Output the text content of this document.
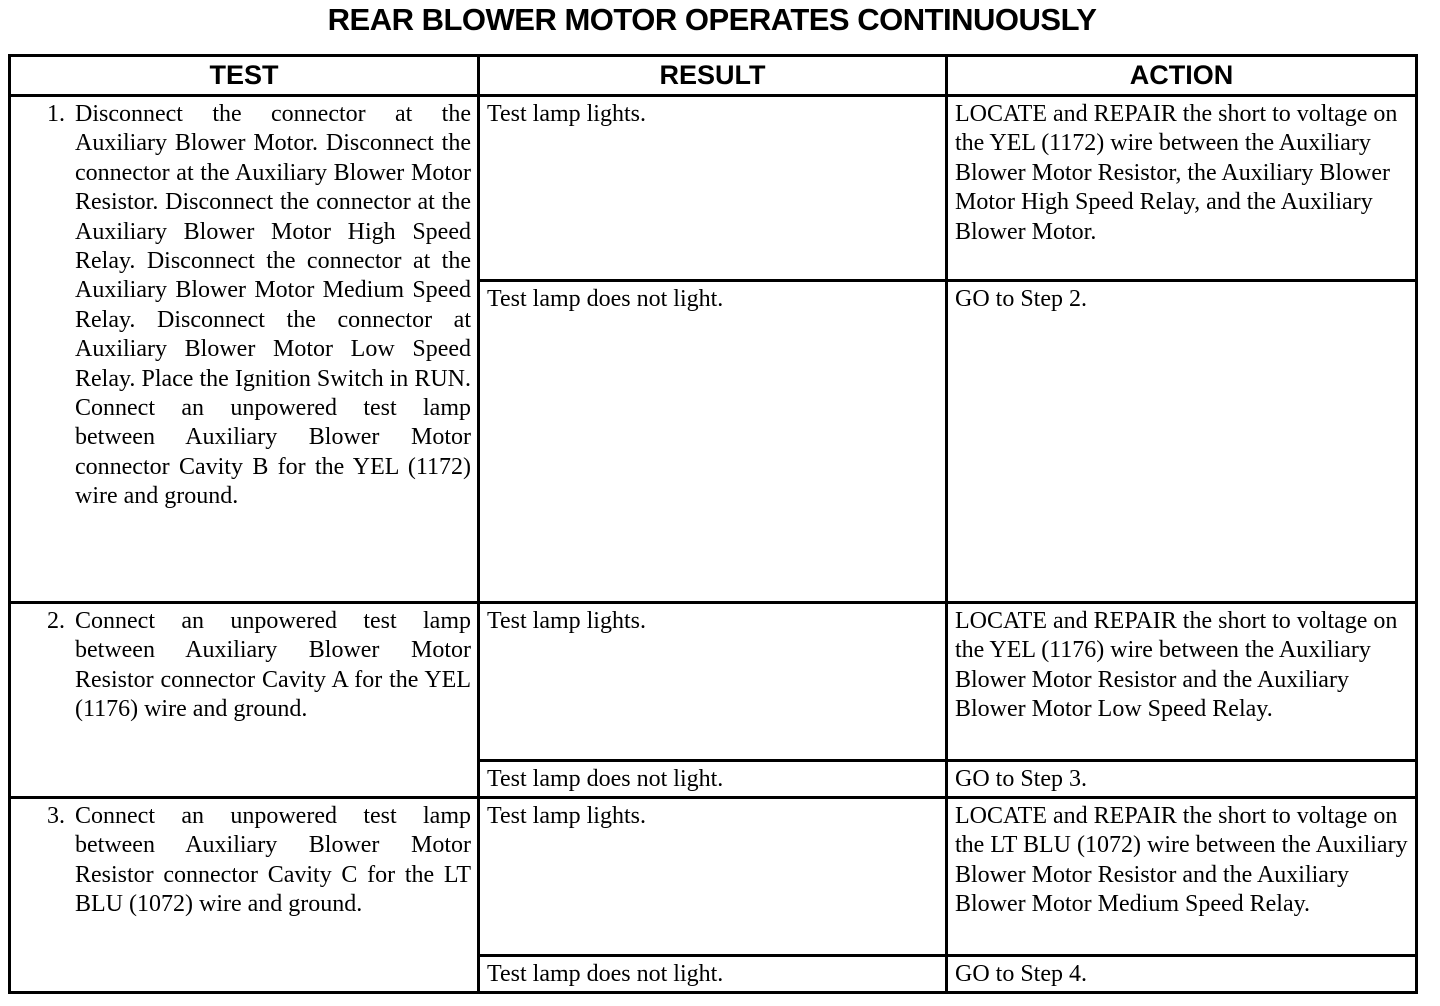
REAR BLOWER MOTOR OPERATES CONTINUOUSLY
TEST	RESULT	ACTION

1. Disconnect the connector at the Auxiliary Blower Motor. Disconnect the connector at the Auxiliary Blower Motor Resistor. Disconnect the connector at the Auxiliary Blower Motor High Speed Relay. Disconnect the connector at the Auxiliary Blower Motor Medium Speed Relay. Disconnect the connector at Auxiliary Blower Motor Low Speed Relay. Place the Ignition Switch in RUN. Connect an unpowered test lamp between Auxiliary Blower Motor connector Cavity B for the YEL (1172) wire and ground.	Test lamp lights.	LOCATE and REPAIR the short to voltage on the YEL (1172) wire between the Auxiliary Blower Motor Resistor, the Auxiliary Blower Motor High Speed Relay, and the Auxiliary Blower Motor.
	Test lamp does not light.	GO to Step 2.

2. Connect an unpowered test lamp between Auxiliary Blower Motor Resistor connector Cavity A for the YEL (1176) wire and ground.	Test lamp lights.	LOCATE and REPAIR the short to voltage on the YEL (1176) wire between the Auxiliary Blower Motor Resistor and the Auxiliary Blower Motor Low Speed Relay.
	Test lamp does not light.	GO to Step 3.

3. Connect an unpowered test lamp between Auxiliary Blower Motor Resistor connector Cavity C for the LT BLU (1072) wire and ground.	Test lamp lights.	LOCATE and REPAIR the short to voltage on the LT BLU (1072) wire between the Auxiliary Blower Motor Resistor and the Auxiliary Blower Motor Medium Speed Relay.
	Test lamp does not light.	GO to Step 4.
